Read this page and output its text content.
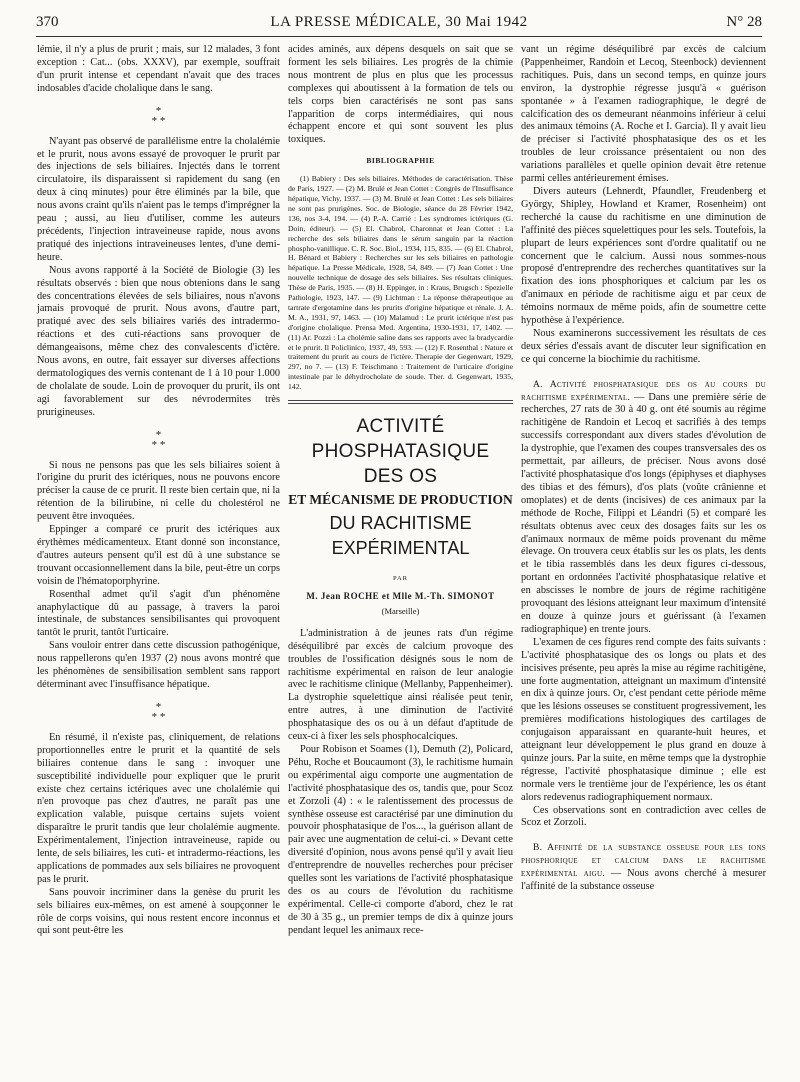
370	LA PRESSE MÉDICALE, 30 Mai 1942	N° 28

lémie, il n'y a plus de prurit ; mais, sur 12 malades, 3 font exception : Cat... (obs. XXXV), par exemple, souffrait d'un prurit intense et cependant n'avait que des traces indosables d'acide cholalique dans le sang.

*
* *

N'ayant pas observé de parallélisme entre la cholalémie et le prurit, nous avons essayé de provoquer le prurit par des injections de sels biliaires. Injectés dans le torrent circulatoire, ils disparaissent si rapidement du sang (en deux à cinq minutes) pour être éliminés par la bile, que nous avons craint qu'ils n'aient pas le temps d'imprégner la peau ; aussi, au lieu d'utiliser, comme les auteurs précédents, l'injection intraveineuse rapide, nous avons pratiqué des injections intraveineuses lentes, d'une demi-heure.

Nous avons rapporté à la Société de Biologie (3) les résultats observés : bien que nous obtenions dans le sang des concentrations élevées de sels biliaires, nous n'avons jamais provoqué de prurit. Nous avons, d'autre part, pratiqué avec des sels biliaires variés des intradermo-réactions et des cuti-réactions sans provoquer de démangeaisons, même chez des convalescents d'ictère. Nous avons, en outre, fait essayer sur diverses affections dermatologiques des vernis contenant de 1 à 10 pour 1.000 de cholalate de soude. Loin de provoquer du prurit, ils ont agi favorablement sur des névrodermites très prurigineuses.

*
* *

Si nous ne pensons pas que les sels biliaires soient à l'origine du prurit des ictériques, nous ne pouvons encore préciser la cause de ce prurit. Il reste bien certain que, ni la rétention de la bilirubine, ni celle du cholestérol ne peuvent être invoquées.

Eppinger a comparé ce prurit des ictériques aux érythèmes médicamenteux. Etant donné son inconstance, d'autres auteurs pensent qu'il est dû à une substance se trouvant occasionnellement dans la bile, peut-être un corps voisin de l'hématoporphyrine.

Rosenthal admet qu'il s'agit d'un phénomène anaphylactique dû au passage, à travers la paroi intestinale, de substances sensibilisantes qui provoquent tantôt le prurit, tantôt l'urticaire.

Sans vouloir entrer dans cette discussion pathogénique, nous rappellerons qu'en 1937 (2) nous avons montré que les phénomènes de sensibilisation semblent sans rapport déterminant avec l'insuffisance hépatique.

*
* *

En résumé, il n'existe pas, cliniquement, de relations proportionnelles entre le prurit et la quantité de sels biliaires contenue dans le sang : invoquer une susceptibilité individuelle pour expliquer que le prurit existe chez certains ictériques avec une cholalémie qui n'en provoque pas chez d'autres, ne paraît pas une explication valable, puisque certains sujets voient disparaître le prurit tandis que leur cholalémie augmente. Expérimentalement, l'injection intraveineuse, rapide ou lente, de sels biliaires, les cuti- et intradermo-réactions, les applications de pommades aux sels biliaires ne provoquent pas le prurit.

Sans pouvoir incriminer dans la genèse du prurit les sels biliaires eux-mêmes, on est amené à soupçonner le rôle de corps voisins, qui nous restent encore inconnus et qui sont peut-être les

acides aminés, aux dépens desquels on sait que se forment les sels biliaires. Les progrès de la chimie nous montrent de plus en plus que les processus complexes qui aboutissent à la formation de tels ou tels corps bien caractérisés ne sont pas sans l'apparition de corps intermédiaires, qui nous échappent encore et qui sont souvent les plus toxiques.

BIBLIOGRAPHIE

(1) Babiery : Des sels biliaires. Méthodes de caractérisation. Thèse de Paris, 1927. — (2) M. Brulé et Jean Cottet : Congrès de l'Insuffisance hépatique, Vichy, 1937. — (3) M. Brulé et Jean Cottet : Les sels biliaires ne sont pas prurigènes. Soc. de Biologie, séance du 28 Février 1942, 136, nos 3-4, 194. — (4) P.-A. Carrié : Les syndromes ictériques (G. Doin, éditeur). — (5) El. Chabrol, Charonnat et Jean Cottet : La recherche des sels biliaires dans le sérum sanguin par la réaction phospho-vanillique. C. R. Soc. Biol., 1934, 115, 835. — (6) El. Chabrol, H. Bénard et Babiery : Recherches sur les sels biliaires en pathologie hépatique. La Presse Médicale, 1928, 54, 849. — (7) Jean Cottet : Une nouvelle technique de dosage des sels biliaires. Ses résultats cliniques. Thèse de Paris, 1935. — (8) H. Eppinger, in : Kraus, Brugsch : Spezielle Pathologie, 1923, 147. — (9) Lichtman : La réponse thérapeutique au tartrate d'ergotamine dans les prurits d'origine hépatique et rénale. J. A. M. A., 1931, 97, 1463. — (10) Malamud : Le prurit ictérique n'est pas d'origine cholalique. Prensa Med. Argentina, 1930-1931, 17, 1402. — (11) Ar. Pozzi : La cholémie saline dans ses rapports avec la bradycardie et le prurit. Il Policlinico, 1937, 49, 593. — (12) F. Rosenthal : Nature et traitement du prurit au cours de l'ictère. Therapie der Gegenwart, 1929, 297, no 7. — (13) F. Teischmann : Traitement de l'urticaire d'origine intestinale par le déhydrocholate de soude. Ther. d. Gegenwart, 1935, 142.

ACTIVITÉ PHOSPHATASIQUE
DES OS
ET MÉCANISME DE PRODUCTION
DU RACHITISME
EXPÉRIMENTAL
PAR
M. Jean ROCHE et Mlle M.-Th. SIMONOT
(Marseille)

L'administration à de jeunes rats d'un régime déséquilibré par excès de calcium provoque des troubles de l'ossification désignés sous le nom de rachitisme expérimental en raison de leur analogie avec le rachitisme clinique (Mellanby, Pappenheimer). La dystrophie squelettique ainsi réalisée peut tenir, entre autres, à une diminution de l'activité phosphatasique des os ou à un défaut d'aptitude de ceux-ci à fixer les sels phosphocalciques.

Pour Robison et Soames (1), Demuth (2), Policard, Péhu, Roche et Boucaumont (3), le rachitisme humain ou expérimental aigu comporte une augmentation de l'activité phosphatasique des os, tandis que, pour Scoz et Zorzoli (4) : « le ralentissement des processus de synthèse osseuse est caractérisé par une diminution du pouvoir phosphatasique de l'os..., la guérison allant de pair avec une augmentation de celui-ci. » Devant cette diversité d'opinion, nous avons pensé qu'il y avait lieu d'entreprendre de nouvelles recherches pour préciser quelles sont les variations de l'activité phosphatasique des os au cours de l'évolution du rachitisme expérimental. Celle-ci comporte d'abord, chez le rat de 30 à 35 g., un premier temps de dix à quinze jours pendant lequel les animaux rece-

vant un régime déséquilibré par excès de calcium (Pappenheimer, Randoin et Lecoq, Steenbock) deviennent rachitiques. Puis, dans un second temps, en quinze jours environ, la dystrophie régresse jusqu'à « guérison spontanée » à l'examen radiographique, le degré de calcification des os demeurant néanmoins inférieur à celui des animaux témoins (A. Roche et I. Garcia). Il y avait lieu de préciser si l'activité phosphatasique des os et les troubles de leur croissance présentaient ou non des variations parallèles et quelle opinion devait être retenue parmi celles antérieurement émises.

Divers auteurs (Lehnerdt, Pfaundler, Freudenberg et György, Shipley, Howland et Kramer, Rosenheim) ont recherché la cause du rachitisme en une diminution de l'affinité des pièces squelettiques pour les sels. Toutefois, la plupart de leurs expériences sont d'ordre qualitatif ou ne concernent que le calcium. Aussi nous sommes-nous proposé d'entreprendre des recherches quantitatives sur la fixation des ions phosphoriques et calcium par les os d'animaux en période de rachitisme aigu et par ceux de témoins normaux de même poids, afin de soumettre cette hypothèse à l'expérience.

Nous examinerons successivement les résultats de ces deux séries d'essais avant de discuter leur signification en ce qui concerne la biochimie du rachitisme.

A. Activité phosphatasique des os au cours du rachitisme expérimental. — Dans une première série de recherches, 27 rats de 30 à 40 g. ont été soumis au régime rachitigène de Randoin et Lecoq et sacrifiés à des temps successifs correspondant aux divers stades d'évolution de la dystrophie, que l'examen des coupes transversales des os permettait, par ailleurs, de préciser. Nous avons dosé l'activité phosphatasique d'os longs (épiphyses et diaphyses des tibias et des fémurs), d'os plats (voûte crânienne et omoplates) et de dents (incisives) de ces animaux par la méthode de Roche, Filippi et Léandri (5) et comparé les résultats obtenus avec ceux des dosages faits sur les os d'animaux normaux de même poids provenant du même élevage. On trouvera ceux établis sur les os plats, les dents et le tibia rassemblés dans les deux figures ci-dessous, portant en ordonnées l'activité phosphatasique relative et en abscisses le nombre de jours de régime rachitigène provoquant des lésions atteignant leur maximum d'intensité en douze à quinze jours et guérissant (à l'examen radiographique) en trente jours.

L'examen de ces figures rend compte des faits suivants : L'activité phosphatasique des os longs ou plats et des incisives présente, peu après la mise au régime rachitigène, une forte augmentation, atteignant un maximum d'intensité en dix à quinze jours. Or, c'est pendant cette période même que les lésions osseuses se constituent progressivement, les premières modifications histologiques des cartilages de conjugaison apparaissant en quarante-huit heures, et atteignant leur développement le plus grand en douze à quinze jours. Par la suite, en même temps que la dystrophie régresse, l'activité phosphatasique diminue ; elle est normale vers le trentième jour de l'expérience, les os étant alors redevenus radiographiquement normaux.

Ces observations sont en contradiction avec celles de Scoz et Zorzoli.

B. Affinité de la substance osseuse pour les ions phosphorique et calcium dans le rachitisme expérimental aigu. — Nous avons cherché à mesurer l'affinité de la substance osseuse
